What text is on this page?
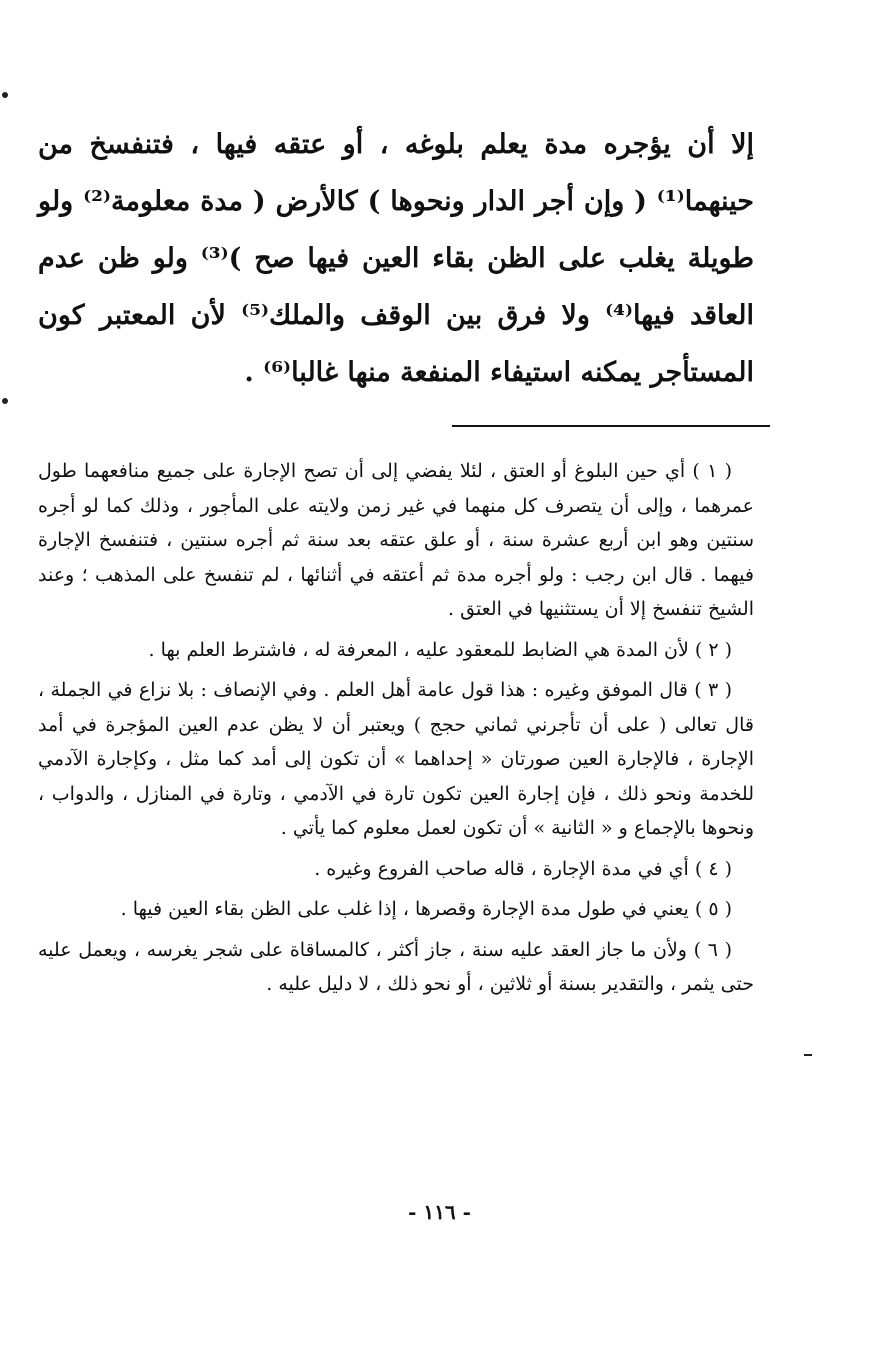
إلا أن يؤجره مدة يعلم بلوغه ، أو عتقه فيها ، فتنفسخ من حينهما⁽¹⁾ ( وإن أجر الدار ونحوها ) كالأرض ( مدة معلومة⁽²⁾ ولو طويلة يغلب على الظن بقاء العين فيها صح )⁽³⁾ ولو ظن عدم العاقد فيها⁽⁴⁾ ولا فرق بين الوقف والملك⁽⁵⁾ لأن المعتبر كون المستأجر يمكنه استيفاء المنفعة منها غالبا⁽⁶⁾ .

( ١ ) أي حين البلوغ أو العتق ، لئلا يفضي إلى أن تصح الإجارة على جميع منافعهما طول عمرهما ، وإلى أن يتصرف كل منهما في غير زمن ولايته على المأجور ، وذلك كما لو أجره سنتين وهو ابن أربع عشرة سنة ، أو علق عتقه بعد سنة ثم أجره سنتين ، فتنفسخ الإجارة فيهما . قال ابن رجب : ولو أجره مدة ثم أعتقه في أثنائها ، لم تنفسخ على المذهب ؛ وعند الشيخ تنفسخ إلا أن يستثنيها في العتق .

( ٢ ) لأن المدة هي الضابط للمعقود عليه ، المعرفة له ، فاشترط العلم بها .

( ٣ ) قال الموفق وغيره : هذا قول عامة أهل العلم . وفي الإنصاف : بلا نزاع في الجملة ، قال تعالى ( على أن تأجرني ثماني حجج ) ويعتبر أن لا يظن عدم العين المؤجرة في أمد الإجارة ، فالإجارة العين صورتان « إحداهما » أن تكون إلى أمد كما مثل ، وكإجارة الآدمي للخدمة ونحو ذلك ، فإن إجارة العين تكون تارة في الآدمي ، وتارة في المنازل ، والدواب ، ونحوها بالإجماع و « الثانية » أن تكون لعمل معلوم كما يأتي .

( ٤ ) أي في مدة الإجارة ، قاله صاحب الفروع وغيره .

( ٥ ) يعني في طول مدة الإجارة وقصرها ، إذا غلب على الظن بقاء العين فيها .

( ٦ ) ولأن ما جاز العقد عليه سنة ، جاز أكثر ، كالمساقاة على شجر يغرسه ، ويعمل عليه حتى يثمر ، والتقدير بسنة أو ثلاثين ، أو نحو ذلك ، لا دليل عليه .

- ١١٦ -
